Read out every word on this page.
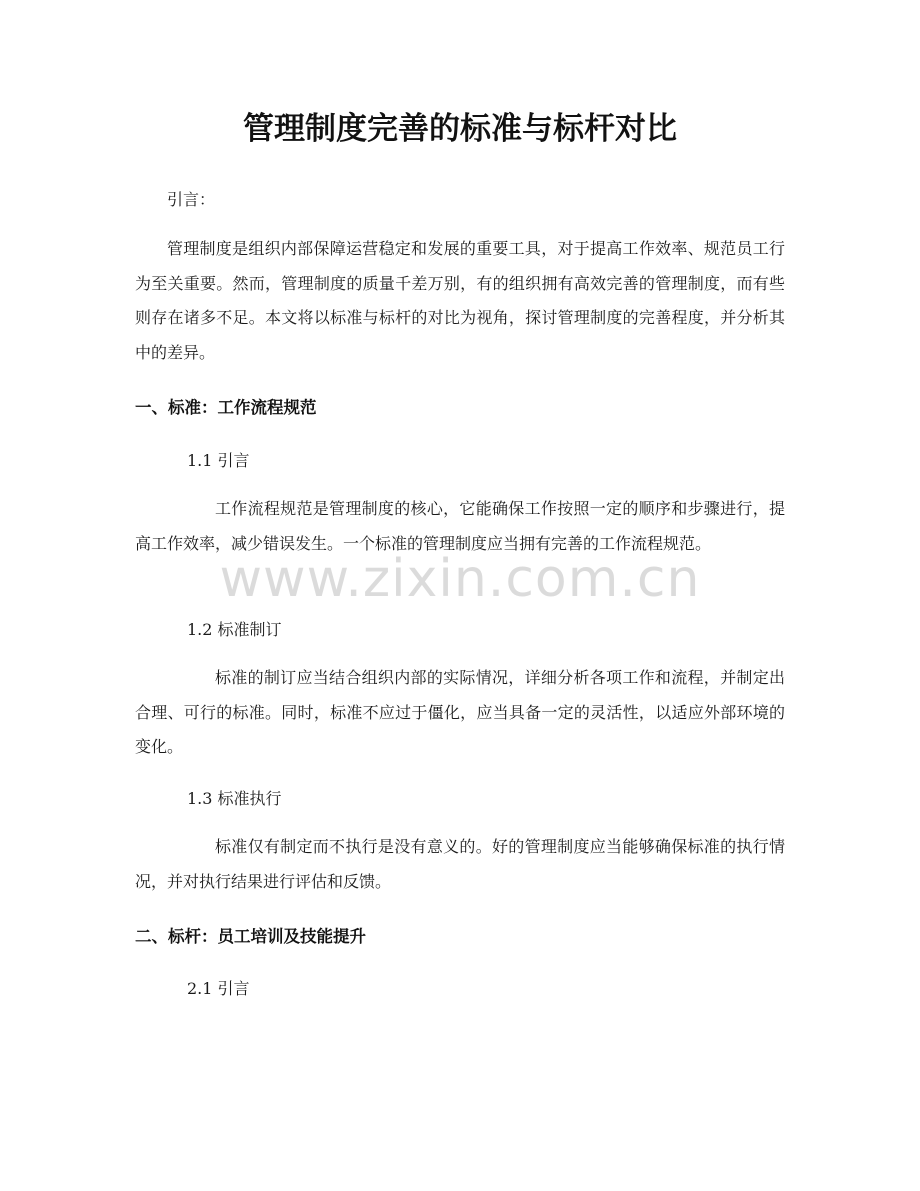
管理制度完善的标准与标杆对比
引言：

管理制度是组织内部保障运营稳定和发展的重要工具，对于提高工作效率、规范员工行为至关重要。然而，管理制度的质量千差万别，有的组织拥有高效完善的管理制度，而有些则存在诸多不足。本文将以标准与标杆的对比为视角，探讨管理制度的完善程度，并分析其中的差异。

一、标准：工作流程规范
1.1 引言

工作流程规范是管理制度的核心，它能确保工作按照一定的顺序和步骤进行，提高工作效率，减少错误发生。一个标准的管理制度应当拥有完善的工作流程规范。

1.2 标准制订

标准的制订应当结合组织内部的实际情况，详细分析各项工作和流程，并制定出合理、可行的标准。同时，标准不应过于僵化，应当具备一定的灵活性，以适应外部环境的变化。

1.3 标准执行

标准仅有制定而不执行是没有意义的。好的管理制度应当能够确保标准的执行情况，并对执行结果进行评估和反馈。

二、标杆：员工培训及技能提升
2.1 引言
www.zixin.com.cn
